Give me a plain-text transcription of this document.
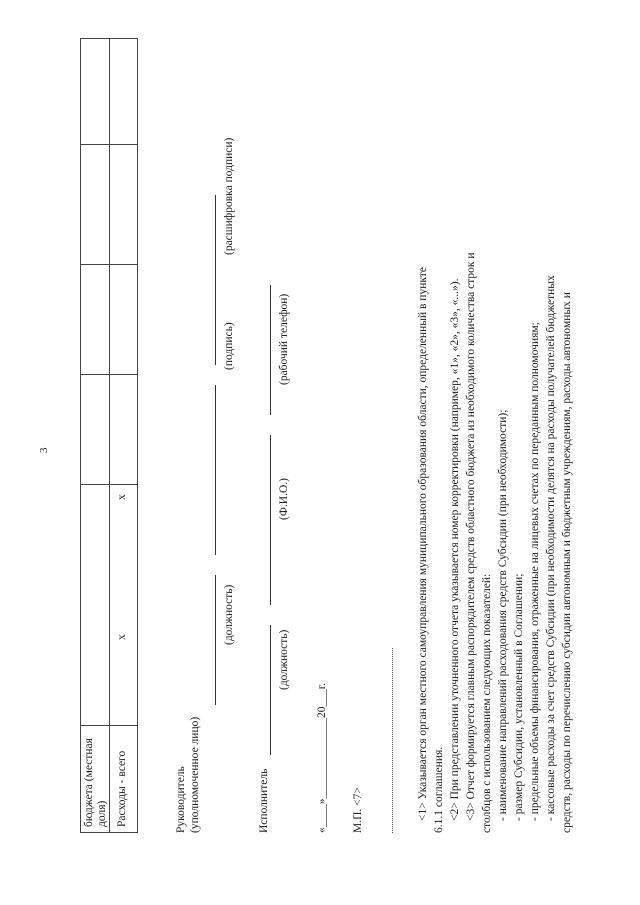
3
бюджета (местная доля) Расходы - всего
x
x
Руководитель (уполномоченное лицо)
(должность)
(подпись)
(расшифровка подписи)
Исполнитель
(должность)
(Ф.И.О.)
(рабочий телефон)
«____»______________20___г. М.П. <7>	<1> Указывается орган местного самоуправления муниципального образования области, определенный в пункте 6.1.1 соглашения. <2> При представлении уточненного отчета указывается номер корректировки (например, «1», «2», «3», «...»). <3> Отчет формируется главным распорядителем средств областного бюджета из необходимого количества строк и столбцов с использованием следующих показателей: - наименование направлений расходования средств Субсидии (при необходимости); - размер Субсидии, установленный в Соглашении; - предельные объемы финансирования, отраженные на лицевых счетах по переданным полномочиям; - кассовые расходы за счет средств Субсидии (при необходимости делятся на расходы получателей бюджетных средств, расходы по перечислению субсидии автономным и бюджетным учреждениям, расходы автономных и
